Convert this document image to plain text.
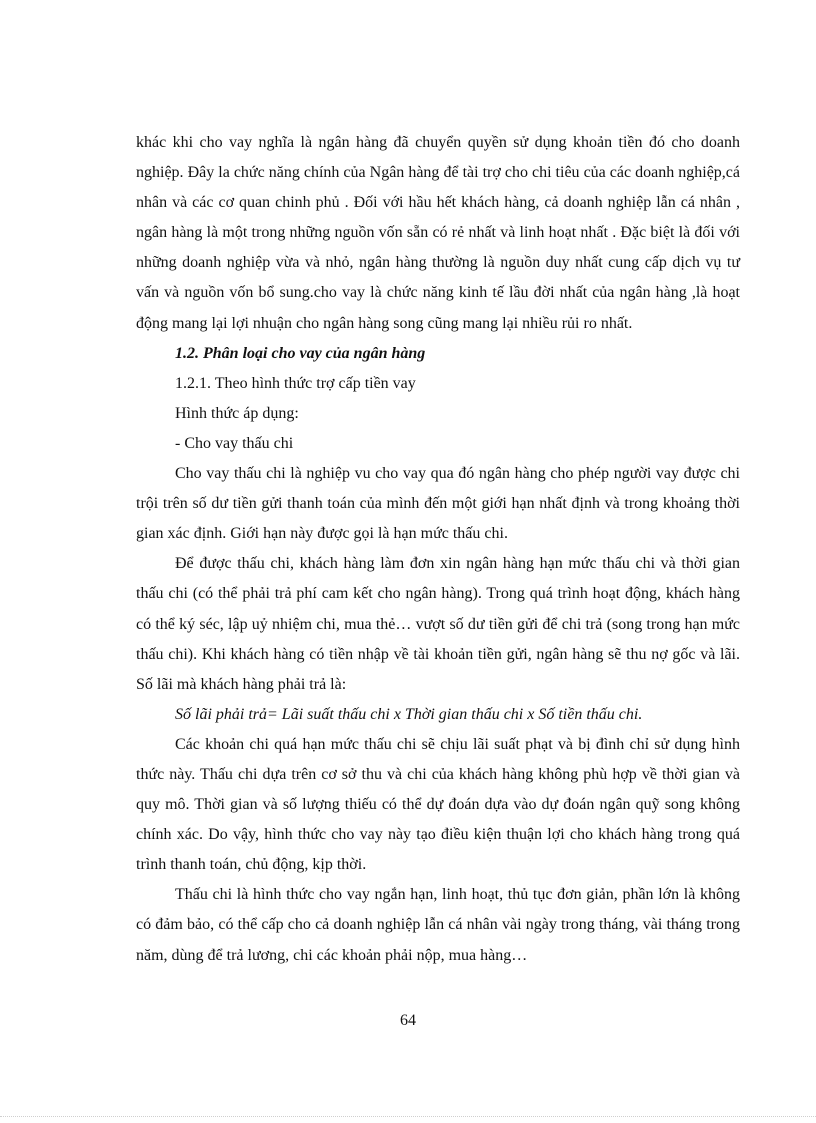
khác khi cho vay nghĩa là ngân hàng đã chuyển quyền sử dụng khoản tiền đó cho doanh nghiệp. Đây la chức năng chính của Ngân hàng để tài trợ cho chi tiêu của các doanh nghiệp,cá nhân và các cơ quan chinh phủ . Đối với hầu hết khách hàng, cả doanh nghiệp lẫn cá nhân , ngân hàng là một trong những nguồn vốn sẵn có rẻ nhất và linh hoạt nhất . Đặc biệt là đối với những doanh nghiệp vừa và nhỏ, ngân hàng thường là nguồn duy nhất cung cấp dịch vụ tư vấn và nguồn vốn bổ sung.cho vay là chức năng kinh tế lầu đời nhất của ngân hàng ,là hoạt động mang lại lợi nhuận cho ngân hàng song cũng mang lại nhiều rủi ro nhất.

1.2. Phân loại cho vay của ngân hàng

1.2.1. Theo hình thức trợ cấp tiền vay

Hình thức áp dụng:

- Cho vay thấu chi

Cho vay thấu chi là nghiệp vu cho vay qua đó ngân hàng cho phép người vay được chi trội trên số dư tiền gửi thanh toán của mình đến một giới hạn nhất định và trong khoảng thời gian xác định. Giới hạn này được gọi là hạn mức thấu chi.

Để được thấu chi, khách hàng làm đơn xin ngân hàng hạn mức thấu chi và thời gian thấu chi (có thể phải trả phí cam kết cho ngân hàng). Trong quá trình hoạt động, khách hàng có thể ký séc, lập uỷ nhiệm chi, mua thẻ… vượt số dư tiền gửi để chi trả (song trong hạn mức thấu chi). Khi khách hàng có tiền nhập về tài khoản tiền gửi, ngân hàng sẽ thu nợ gốc và lãi. Số lãi mà khách hàng phải trả là:

Số lãi phải trả= Lãi suất thấu chi x Thời gian thấu chi x Số tiền thấu chi.

Các khoản chi quá hạn mức thấu chi sẽ chịu lãi suất phạt và bị đình chỉ sử dụng hình thức này. Thấu chi dựa trên cơ sở thu và chi của khách hàng không phù hợp về thời gian và quy mô. Thời gian và số lượng thiếu có thể dự đoán dựa vào dự đoán ngân quỹ song không chính xác. Do vậy, hình thức cho vay này tạo điều kiện thuận lợi cho khách hàng trong quá trình thanh toán, chủ động, kịp thời.

Thấu chi là hình thức cho vay ngắn hạn, linh hoạt, thủ tục đơn giản, phần lớn là không có đảm bảo, có thể cấp cho cả doanh nghiệp lẫn cá nhân vài ngày trong tháng, vài tháng trong năm, dùng để trả lương, chi các khoản phải nộp, mua hàng…

64
